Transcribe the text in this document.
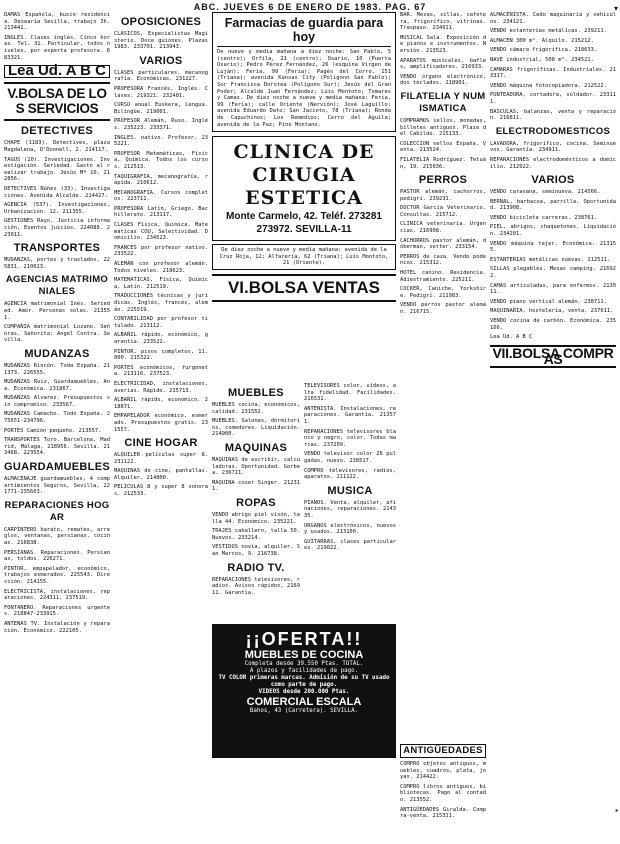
ABC. JUEVES 6 DE ENERO DE 1983. PAG. 67

DAMAS Española, busco residencia. Desearía Sevilla, trabajo 3h. 213441.

INGLES. Clases inglés. Cinco horas. Tel. 31. Particular, todos niveles, por experta profesora. 683321.

Lea Ud. A B C
V.BOLSA DE LOS SERVICIOS
DETECTIVES

CHAPE (1183). Detectives, plaza Magdalena, O'Donnell, 2. 214117.

TAGUS (20). Investigaciones. Investigación. Seriedad. Gasto al realizar trabajo. Jesús Mª 10. 212856.

DETECTIVES Núñez (33). Investigaciones. Avenida Alcalde. 214427.

AGENCIA (537). Investigaciones, Urbanización. 12. 211355.

GESTIONES Rayo. Justicia información, Eventos juicios. 224088. 223011.

TRANSPORTES

MUDANZAS, portes y traslados, 225831. 210023.

AGENCIAS MATRIMONIALES

AGENCIA matrimonial Inés. Serieded. Amor. Personas solas. 213551.

CUMPAÑIA matrimonial Lozano. Señoras. Señorita: Angel Contra. Sevilla.

MUDANZAS

MUDANZAS Rincón. Toda España. 211373. 226555.

MUDANZAS Ruiz, Guardamuebles, Ana. Económica. 231867.

MUDANZAS Alvarez. Presupuestos sin compromiso. 233567.

MUDANZAS Camacho. Todo España. 275651-234796.

PORTES Camión pequeño. 213557.

TRANSPORTES Toro. Barcelona, Madrid, Málaga, 218956. Sevilla. 213468. 223554.

GUARDAMUEBLES

ALMACENAJE guardamuebles, 4 compartimientos Seguros, Sevilla, 221771-235603.

REPARACIONES HOGAR

CARPINTERO barato, remates, arreglos, ventanas, persianas, cocinas. 216838.

PERSIANAS. Reparaciones. Persianas, toldos. 226271.

PINTOR, empapelador, económico, trabajos esmerados. 225543. Dirección: 214155.

ELECTRICISTA, instalaciones, reparaciones. 224311. 237519.

FONTANERO. Reparaciones urgentes. 218847-233915.

ANTENAS TV. Instalación y reparación. Económico. 222105.

OPOSICIONES

CLASICOS, Especialistas Magisterio. Doce guiones. Plazas 1983. 233701. 213943.

VARIOS

CLASES particulares, mecanografía. Económicas. 231227.

PROFESORA Francés, Inglés. Clases. 219321. 232401.

CURSO anual Euskera, Lengua. Bilingüe. 219001.

PROFESOR Alemán, Ruso. Inglés. 235223. 233371.

INGLES, nativo. Profesor. 235221.

PROFESOR Matemáticas, Física, Química. Todos los cursos. 212513.

TAQUIGRAFIA, mecanografía, rápida. 210612.

MECANOGRAFIA. Cursos completos. 223711.

PROFESORA Latín, Griego. Bachillerato. 213117.

CLASES Física, Química, Matemáticas COU, Selectividad. Domicilio. 234523.

FRANCES por profesor nativo. 233522.

ALEMAN con profesor alemán. Todos niveles. 218623.

MATEMATICAS, Física, Química, Latín. 212519.

TRADUCCIONES técnicas y jurídicas. Inglés, francés, alemán. 225519.

CONTABILIDAD por profesor titulado. 213112.

ALBAÑIL rápido, económico, garantía. 233522.

PINTOR, pisos completos, 11.000. 215322.

PORTES económicos, furgoneta. 213116. 237523.

ELECTRICIDAD, instalaciones, averías. Rápido. 215713.

ALBAÑIL rápido, económico. 218871.

EMPAPELADOR económico, esmerado. Presupuestos gratis. 231557.

CINE HOGAR

ALQUILER películas super 8. 231122.

MAQUINAS de cine, pantallas. Alquiler. 214800.

PELICULAS 8 y super 8 sonoras. 212533.

Farmacias de guardia para hoy
De nueve y media mañana a diez noche: San Pablo, 5 (centro); Orfila, 21 (centro); Osario, 10 (Puerta Osario); Pedro Pérez Fernández, 26 (esquina Virgen de Luján); Feria, 99 (Feria); Pagés del Corro, 151 (Triana); avenida Kansas City (Polígono San Pablo); Sor Francisca Dorotea (Polígono Sur); Jesús del Gran Poder; Alcalde Juan Fernández; Luis Montoto; Tomares y Camas. De diez noche a nueve y media mañana: Feria, 99 (Feria); calle Oriente (Nervión); José Laguillo; avenida Eduardo Dato; San Jacinto, 78 (Triana); Ronda de Capuchinos; Los Remedios; Cerro del Águila; avenida de la Paz; Pino Montano.
CLINICA DE
CIRUGIA ESTETICA
Monte Carmelo, 42. Teléf. 273281
273972. SEVILLA-11
De diez noche a nueve y media mañana: avenida de la Cruz Roja, 12; Alfarería, 62 (Triana); Luis Montoto, 21 (Oriente).
VI.BOLSA VENTAS
MUEBLES

MUEBLES cocina, económicos, calidad. 231552.

MUEBLES. Salones, dormitorios, comedores. Liquidación. 214900.

MAQUINAS

MAQUINAS de escribir, calculadoras. Oportunidad. Gorbea. 236711.

MAQUINA coser Singer. 212311.

ROPAS

VENDO abrigo piel visón, talla 44. Económico. 235221.

TRAJES caballero, talla 50. Nuevos. 233214.

VESTIDOS novia, alquiler. San Marcos, 9. 216738.

RADIO TV.

REPARACIONES televisores, radios. Avisos rápidos, 216911. Garantía.

TELEVISORES color, vídeos, alta fidelidad. Facilidades. 216531.

ANTENISTA. Instalaciones, reparaciones. Garantía. 213571.

REPARACIONES televisores blanco y negro, color. Todas marcas. 237209.

VENDO televisor color 26 pulgadas, nuevo. 238517.

COMPRO televisores, radios, aparatos. 211122.

MUSICA

PIANOS. Venta, alquiler, afinaciones, reparaciones. 214335.

ORGANOS electrónicos, nuevos y usados. 213100.

GUITARRAS, clases particulares. 219022.

¡¡OFERTA!!
MUEBLES DE COCINA
Completa desde 39.550 Ptas. TOTAL.
A plazos y facilidades de pago.
TV COLOR primeras marcas. Admisión de su TV usado como parte de pago.
VIDEOS desde 200.000 Ptas.
COMERCIAL ESCALA
Bahos, 43 (Carretera). SEVILLA.

BAR. Mesas, sillas, cafetera, frigorífico, vitrinas. Traspaso. 234911.

MUSICAL Sala. Exposición de pianos e instrumentos. Nervión. 213523.

APARATOS musicales, bafles, amplificadores. 216933.

VENDO órgano electrónico, dos teclados. 218901.

FILATELIA Y NUMISMATICA

COMPRAMOS sellos, monedas, billetes antiguos. Plaza del Cabildo. 215133.

COLECCION sellos España. Venta. 213524.

FILATELIA Rodríguez. Tetuán, 19. 215036.

PERROS

PASTOR alemán, cachorros, pedigrí. 239231.

DOCTOR García Veterinario. Consultas. 215712.

CLINICA veterinaria. Urgencias. 216908.

CACHORROS pastor alemán, dóberman, setter. 233154.

PERROS de caza. Vendo podencos. 215312.

HOTEL canino. Residencia. Adiestramiento. 225211.

COCKER, Caniche, Yorkshire. Pedigrí. 211983.

VENDO perros pastor alemán. 216715.

ALMACENISTA. Cedo maquinaria y vehículos. 234121.

VENDO estanterías metálicas. 239211.

ALMACEN 300 m². Alquilo. 215212.

VENDO cámara frigorífica. 218633.

NAVE industrial, 500 m². 234521.

CAMARAS frigoríficas. Industriales. 213317.

VENDO máquina fotocopiadora. 212522.

PUNTEADORA, cortadora, soldador. 233111.

BASCULAS, balanzas, venta y reparación. 216811.

ELECTRODOMESTICOS

LAVADORA, frigorífico, cocina. Seminuevos. Garantía. 234911.

REPARACIONES electrodomésticos a domicilio. 212922.

VARIOS

VENDO caravana, seminueva. 214566.

BERNAL, barbacoa, parrilla. Oportunidad. 213908.

VENDO bicicleta carreras. 238761.

PIEL, abrigos, chaquetones. Liquidación. 234201.

VENDO máquina tejer. Económica. 213155.

ESTANTERIAS metálicas nuevas. 212511.

SILLAS plegables. Mesas camping. 216922.

CAMAS articuladas, para enfermos. 213011.

VENDO piano vertical alemán. 238711.

MAQUINARIA, hostelería, venta. 237611.

VENDO cocina de carbón. Económica. 235166.

Lea Ud. A B C

VII.BOLSA COMPRAS
ANTIGÜEDADES

COMPRO objetos antiguos, muebles, cuadros, plata, joyas. 214422.

COMPRO libros antiguos, bibliotecas. Pago al contado. 213552.

ANTIGÜEDADES Giralda. Compra-venta. 215311.

▾
▪
